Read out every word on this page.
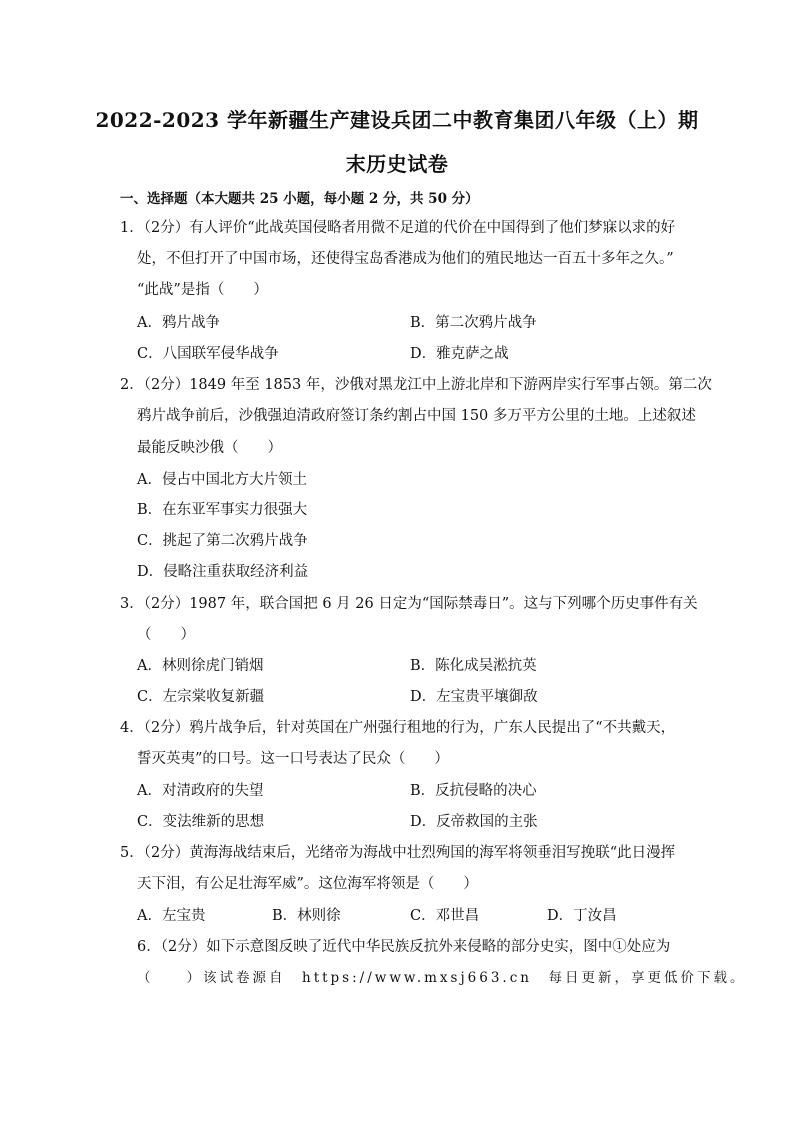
2022-2023 学年新疆生产建设兵团二中教育集团八年级（上）期
末历史试卷
一、选择题（本大题共 25 小题，每小题 2 分，共 50 分）
1．（2分）有人评价“此战英国侵略者用微不足道的代价在中国得到了他们梦寐以求的好
处，不但打开了中国市场，还使得宝岛香港成为他们的殖民地达一百五十多年之久。”
“此战”是指（　　）
A．鸦片战争	B．第二次鸦片战争
C．八国联军侵华战争	D．雅克萨之战
2．（2分）1849 年至 1853 年，沙俄对黑龙江中上游北岸和下游两岸实行军事占领。第二次
鸦片战争前后，沙俄强迫清政府签订条约割占中国 150 多万平方公里的土地。上述叙述
最能反映沙俄（　　）
A．侵占中国北方大片领土
B．在东亚军事实力很强大
C．挑起了第二次鸦片战争
D．侵略注重获取经济利益
3．（2分）1987 年，联合国把 6 月 26 日定为“国际禁毒日”。这与下列哪个历史事件有关
（　　）
A．林则徐虎门销烟	B．陈化成吴淞抗英
C．左宗棠收复新疆	D．左宝贵平壤御敌
4．（2分）鸦片战争后，针对英国在广州强行租地的行为，广东人民提出了“不共戴天，
誓灭英夷”的口号。这一口号表达了民众（　　）
A．对清政府的失望	B．反抗侵略的决心
C．变法维新的思想	D．反帝救国的主张
5．（2分）黄海海战结束后，光绪帝为海战中壮烈殉国的海军将领垂泪写挽联“此日漫挥
天下泪，有公足壮海军威”。这位海军将领是（　　）
A．左宝贵	B．林则徐	C．邓世昌	D．丁汝昌
6．（2分）如下示意图反映了近代中华民族反抗外来侵略的部分史实，图中①处应为
（　　）该试卷源自　https://www.mxsj663.cn　每日更新，享更低价下载。
